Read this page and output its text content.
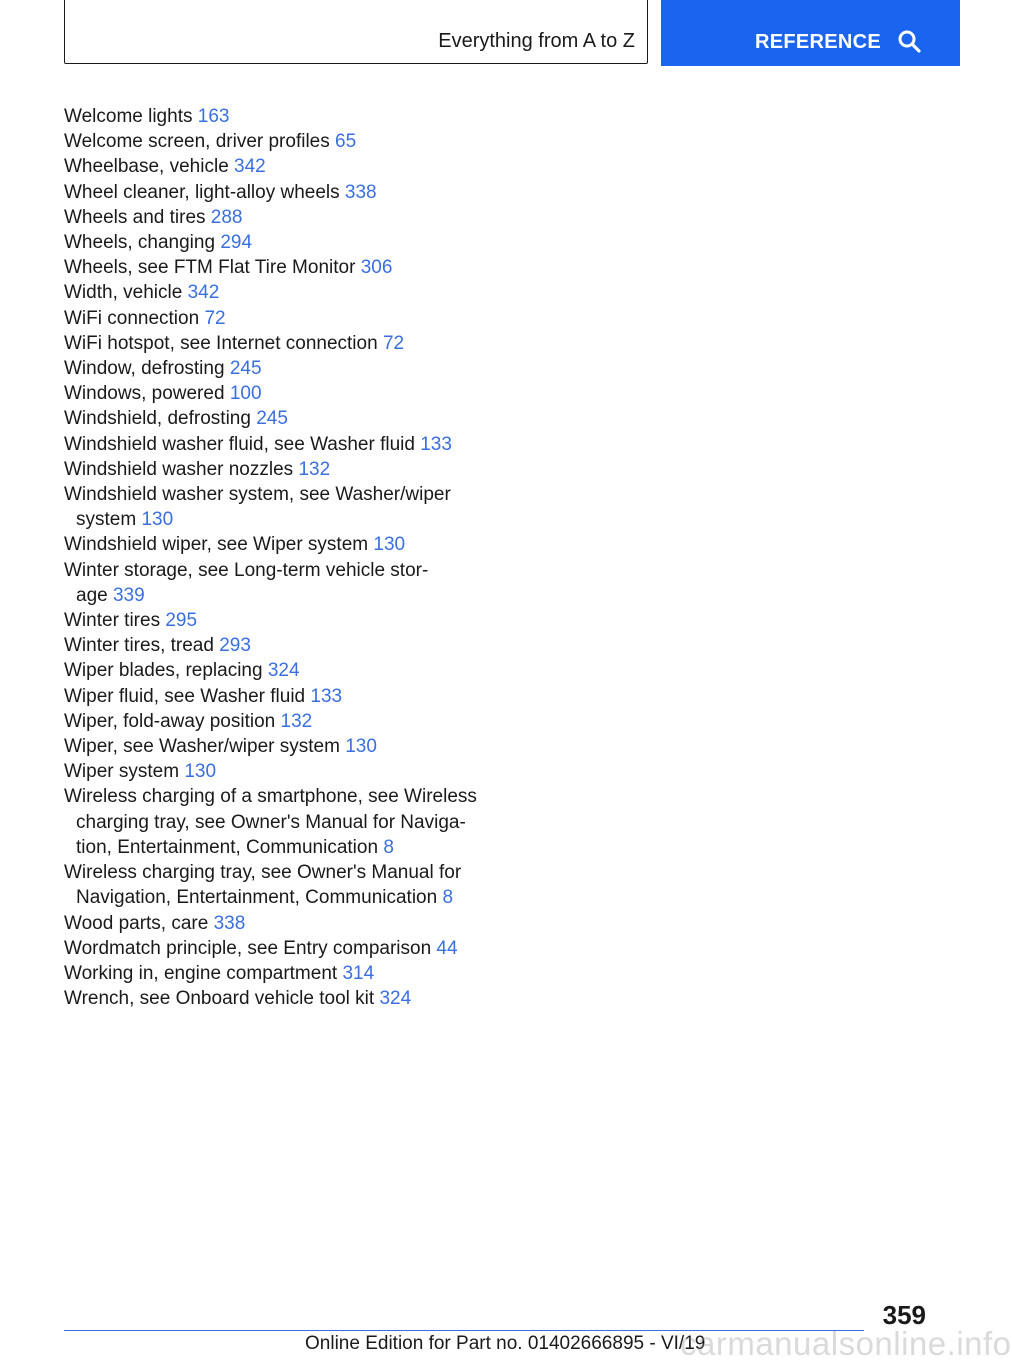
Everything from A to Z	REFERENCE
Welcome lights 163
Welcome screen, driver profiles 65
Wheelbase, vehicle 342
Wheel cleaner, light-alloy wheels 338
Wheels and tires 288
Wheels, changing 294
Wheels, see FTM Flat Tire Monitor 306
Width, vehicle 342
WiFi connection 72
WiFi hotspot, see Internet connection 72
Window, defrosting 245
Windows, powered 100
Windshield, defrosting 245
Windshield washer fluid, see Washer fluid 133
Windshield washer nozzles 132
Windshield washer system, see Washer/wiper
system 130
Windshield wiper, see Wiper system 130
Winter storage, see Long-term vehicle stor-
age 339
Winter tires 295
Winter tires, tread 293
Wiper blades, replacing 324
Wiper fluid, see Washer fluid 133
Wiper, fold-away position 132
Wiper, see Washer/wiper system 130
Wiper system 130
Wireless charging of a smartphone, see Wireless
charging tray, see Owner's Manual for Naviga-
tion, Entertainment, Communication 8
Wireless charging tray, see Owner's Manual for
Navigation, Entertainment, Communication 8
Wood parts, care 338
Wordmatch principle, see Entry comparison 44
Working in, engine compartment 314
Wrench, see Onboard vehicle tool kit 324
359
Online Edition for Part no. 01402666895 - VI/19
carmanualsonline.info
